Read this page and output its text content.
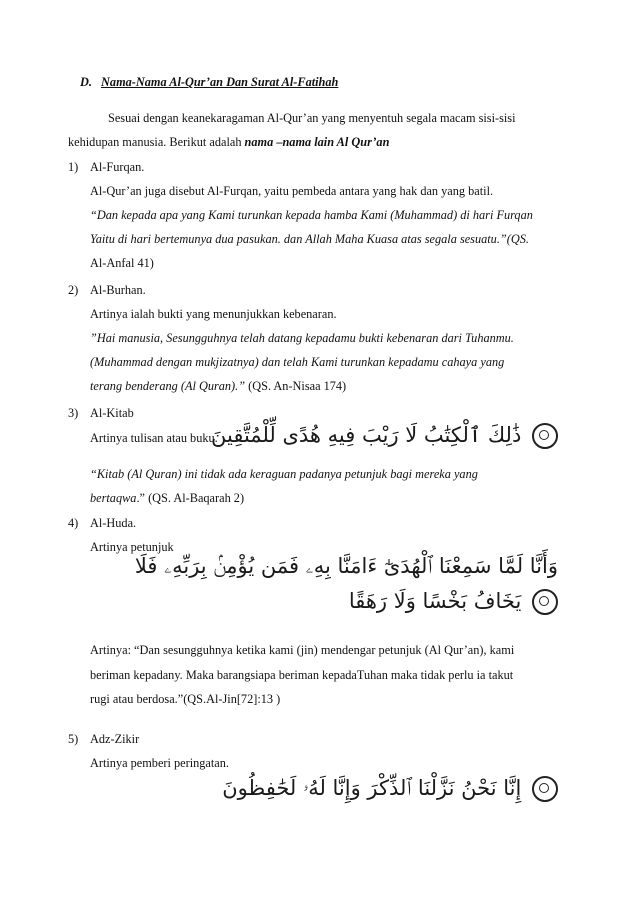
D. Nama-Nama Al-Qur’an Dan Surat Al-Fatihah
Sesuai dengan keanekaragaman Al-Qur’an yang menyentuh segala macam sisi-sisi
kehidupan manusia. Berikut adalah nama –nama lain Al Qur’an
1) Al-Furqan.
Al-Qur’an juga disebut Al-Furqan, yaitu pembeda antara yang hak dan yang batil.
“Dan kepada apa yang Kami turunkan kepada hamba Kami (Muhammad) di hari Furqan
Yaitu di hari bertemunya dua pasukan. dan Allah Maha Kuasa atas segala sesuatu.”(QS.
Al-Anfal 41)
2) Al-Burhan.
Artinya ialah bukti yang menunjukkan kebenaran.
”Hai manusia, Sesungguhnya telah datang kepadamu bukti kebenaran dari Tuhanmu.
(Muhammad dengan mukjizatnya) dan telah Kami turunkan kepadamu cahaya yang
terang benderang (Al Quran).” (QS. An-Nisaa 174)
3) Al-Kitab
Artinya tulisan atau buku.
ذَٰلِكَ ٱلْكِتَٰبُ لَا رَيْبَ فِيهِ هُدًى لِّلْمُتَّقِينَ
“Kitab (Al Quran) ini tidak ada keraguan padanya petunjuk bagi mereka yang
bertaqwa.” (QS. Al-Baqarah 2)
4) Al-Huda.
Artinya petunjuk
وَأَنَّا لَمَّا سَمِعْنَا ٱلْهُدَىٰٓ ءَامَنَّا بِهِۦ فَمَن يُؤْمِنۢ بِرَبِّهِۦ فَلَا
يَخَافُ بَخْسًا وَلَا رَهَقًا
Artinya: “Dan sesungguhnya ketika kami (jin) mendengar petunjuk (Al Qur’an), kami
beriman kepadany. Maka barangsiapa beriman kepadaTuhan maka tidak perlu ia takut
rugi atau berdosa.”(QS.Al-Jin[72]:13 )
5) Adz-Zikir
Artinya pemberi peringatan.
إِنَّا نَحْنُ نَزَّلْنَا ٱلذِّكْرَ وَإِنَّا لَهُۥ لَحَٰفِظُونَ
